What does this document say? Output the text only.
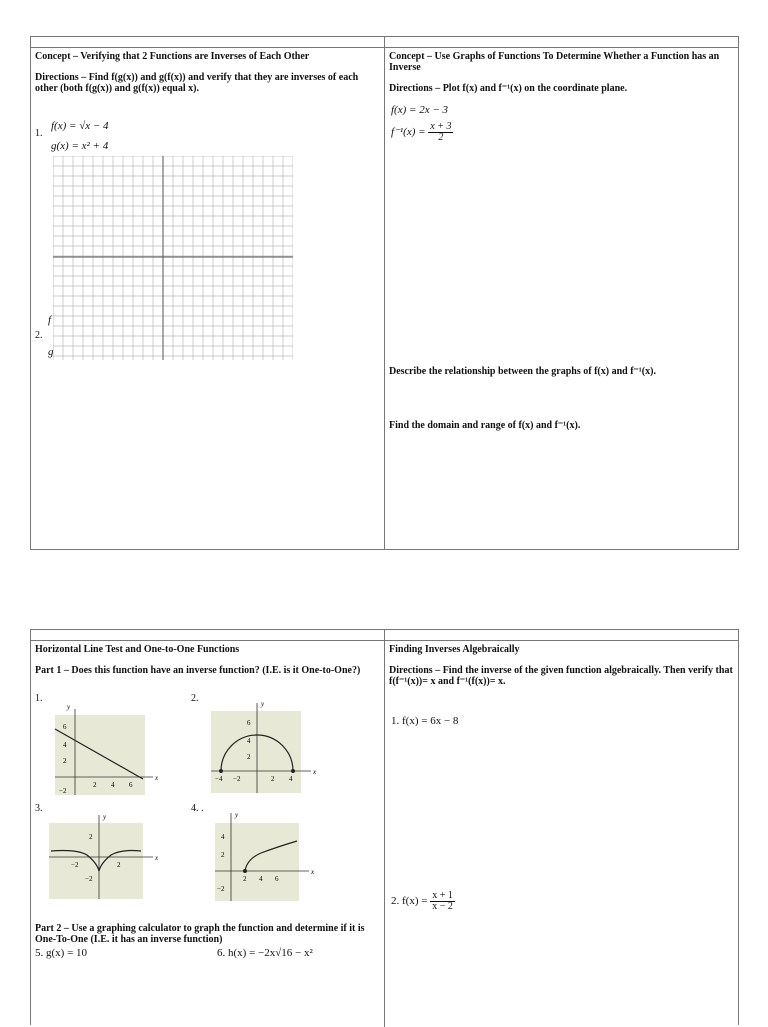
Concept – Verifying that 2 Functions are Inverses of Each Other
Directions – Find f(g(x)) and g(f(x)) and verify that they are inverses of each other (both f(g(x)) and g(f(x)) equal x).
1.
f(x) = √x − 4
g(x) = x² + 4
f
2.
g
Concept – Use Graphs of Functions To Determine Whether a Function has an Inverse
Directions – Plot f(x) and f⁻¹(x) on the coordinate plane.
f(x) = 2x − 3
$f^{-1}(x) = \frac{x + 3}{2}$
Describe the relationship between the graphs of f(x) and f⁻¹(x).
Find the domain and range of f(x) and f⁻¹(x).
Horizontal Line Test and One-to-One Functions
Part 1 – Does this function have an inverse function? (I.E. is it One-to-One?)
1.	2.
3.	4. .
y
x
6
4
2
−2
2 4 6
y
x
6
4
2
−4 −2	2 4
y
x
2
−2
−2	2
y
x
4
2
−2
2 4 6
Part 2 – Use a graphing calculator to graph the function and determine if it is One-To-One (I.E. it has an inverse function)
5. g(x) = 10	6. h(x) = −2x√16 − x²
Finding Inverses Algebraically
Directions – Find the inverse of the given function algebraically. Then verify that f(f⁻¹(x))= x and f⁻¹(f(x))= x.
1. f(x) = 6x − 8
2. $f(x) = \frac{x + 1}{x - 2}$
